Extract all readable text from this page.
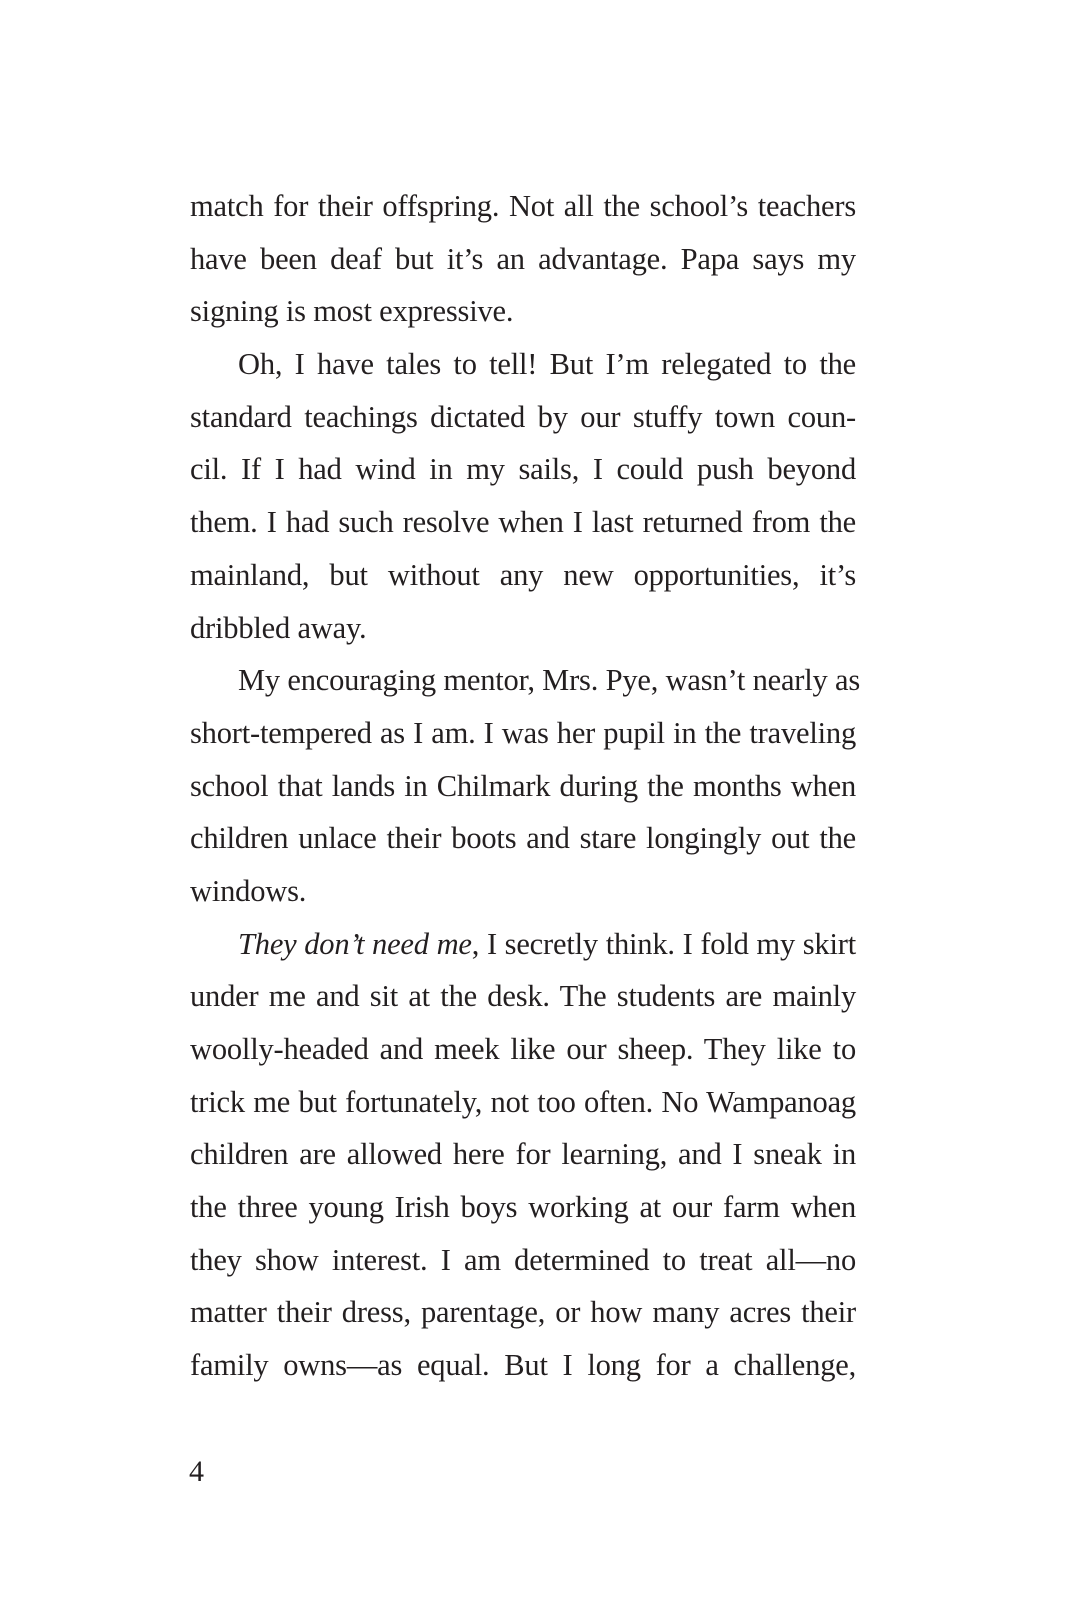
match for their offspring. Not all the school’s teachers
have been deaf but it’s an advantage. Papa says my
signing is most expressive.
Oh, I have tales to tell! But I’m relegated to the
standard teachings dictated by our stuffy town coun-
cil. If I had wind in my sails, I could push beyond
them. I had such resolve when I last returned from the
mainland, but without any new opportunities, it’s
dribbled away.
My encouraging mentor, Mrs. Pye, wasn’t nearly as
short-tempered as I am. I was her pupil in the traveling
school that lands in Chilmark during the months when
children unlace their boots and stare longingly out the
windows.
They don’t need me, I secretly think. I fold my skirt
under me and sit at the desk. The students are mainly
woolly-headed and meek like our sheep. They like to
trick me but fortunately, not too often. No Wampanoag
children are allowed here for learning, and I sneak in
the three young Irish boys working at our farm when
they show interest. I am determined to treat all—no
matter their dress, parentage, or how many acres their
family owns—as equal. But I long for a challenge,
4
